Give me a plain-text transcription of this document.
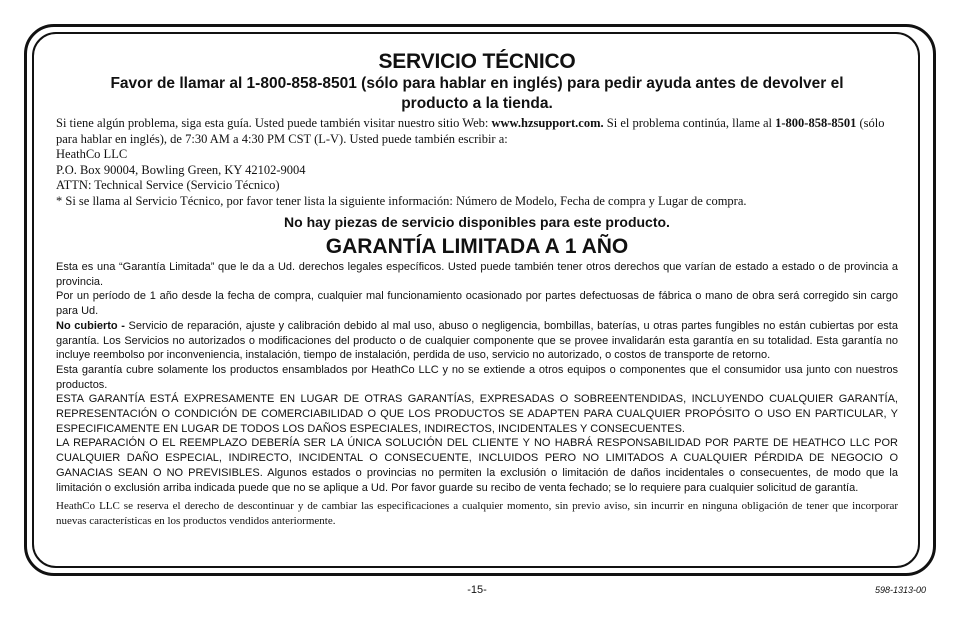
SERVICIO TÉCNICO

Favor de llamar al 1-800-858-8501 (sólo para hablar en inglés) para pedir ayuda antes de devolver el

producto a la tienda.

Si tiene algún problema, siga esta guía. Usted puede también visitar nuestro sitio Web: www.hzsupport.com. Si el problema continúa, llame al 1-800-858-8501 (sólo para hablar en inglés), de 7:30 AM a 4:30 PM CST (L-V). Usted puede también escribir a:

HeathCo LLC

P.O. Box 90004, Bowling Green, KY 42102-9004

ATTN: Technical Service (Servicio Técnico)

* Si se llama al Servicio Técnico, por favor tener lista la siguiente información: Número de Modelo, Fecha de compra y Lugar de compra.

No hay piezas de servicio disponibles para este producto.

GARANTÍA LIMITADA A 1 AÑO

Esta es una “Garantía Limitada” que le da a Ud. derechos legales específicos. Usted puede también tener otros derechos que varían de estado a estado o de provincia a provincia.

Por un período de 1 año desde la fecha de compra, cualquier mal funcionamiento ocasionado por partes defectuosas de fábrica o mano de obra será corregido sin cargo para Ud.

No cubierto - Servicio de reparación, ajuste y calibración debido al mal uso, abuso o negligencia, bombillas, baterías, u otras partes fungibles no están cubiertas por esta garantía. Los Servicios no autorizados o modificaciones del producto o de cualquier componente que se provee invalidarán esta garantía en su totalidad. Esta garantía no incluye reembolso por inconveniencia, instalación, tiempo de instalación, perdida de uso, servicio no autorizado, o costos de transporte de retorno.

Esta garantía cubre solamente los productos ensamblados por HeathCo LLC y no se extiende a otros equipos o componentes que el consumidor usa junto con nuestros productos.

ESTA GARANTÍA ESTÁ EXPRESAMENTE EN LUGAR DE OTRAS GARANTÍAS, EXPRESADAS O SOBREENTENDIDAS, INCLUYENDO CUALQUIER GARANTÍA, REPRESENTACIÓN O CONDICIÓN DE COMERCIABILIDAD O QUE LOS PRODUCTOS SE ADAPTEN PARA CUALQUIER PROPÓSITO O USO EN PARTICULAR, Y ESPECIFICAMENTE EN LUGAR DE TODOS LOS DAÑOS ESPECIALES, INDIRECTOS, INCIDENTALES Y CONSECUENTES.

LA REPARACIÓN O EL REEMPLAZO DEBERÍA SER LA ÚNICA SOLUCIÓN DEL CLIENTE Y NO HABRÁ RESPONSABILIDAD POR PARTE DE HEATHCO LLC POR CUALQUIER DAÑO ESPECIAL, INDIRECTO, INCIDENTAL O CONSECUENTE, INCLUIDOS PERO NO LIMITADOS A CUALQUIER PÉRDIDA DE NEGOCIO O GANACIAS SEAN O NO PREVISIBLES. Algunos estados o provincias no permiten la exclusión o limitación de daños incidentales o consecuentes, de modo que la limitación o exclusión arriba indicada puede que no se aplique a Ud. Por favor guarde su recibo de venta fechado; se lo requiere para cualquier solicitud de garantía.

HeathCo LLC se reserva el derecho de descontinuar y de cambiar las especificaciones a cualquier momento, sin previo aviso, sin incurrir en ninguna obligación de tener que incorporar nuevas características en los productos vendidos anteriormente.

-15-	598-1313-00
